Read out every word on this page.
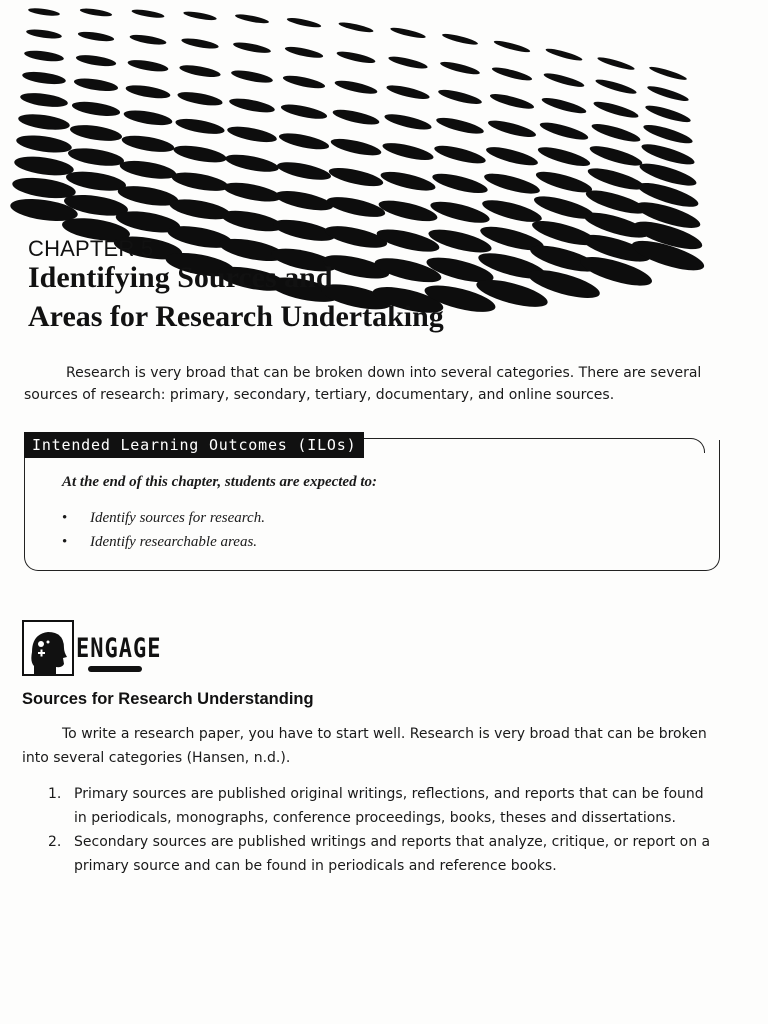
CHAPTER 5
Identifying Sources and
Areas for Research Undertaking
Research is very broad that can be broken down into several categories. There are several sources of research: primary, secondary, tertiary, documentary, and online sources.
Intended Learning Outcomes (ILOs)
At the end of this chapter, students are expected to:
• Identify sources for research.
• Identify researchable areas.
ENGAGE
Sources for Research Understanding
To write a research paper, you have to start well. Research is very broad that can be broken into several categories (Hansen, n.d.).
1. Primary sources are published original writings, reflections, and reports that can be found in periodicals, monographs, conference proceedings, books, theses and dissertations.
2. Secondary sources are published writings and reports that analyze, critique, or report on a primary source and can be found in periodicals and reference books.
